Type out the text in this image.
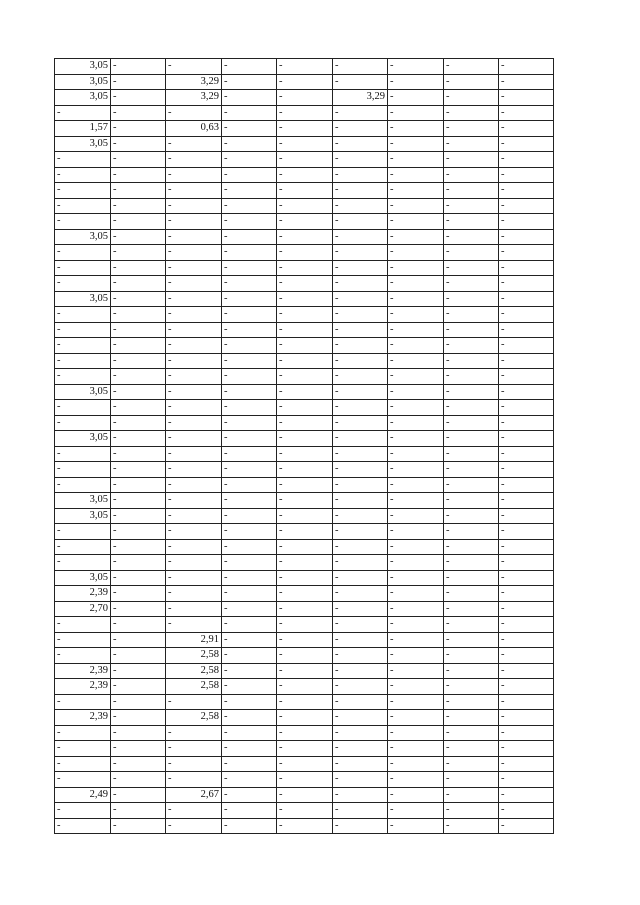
3,05	-	-	-	-	-	-	-	-
3,05	-	3,29	-	-	-	-	-	-
3,05	-	3,29	-	-	3,29	-	-	-
-	-	-	-	-	-	-	-	-
1,57	-	0,63	-	-	-	-	-	-
3,05	-	-	-	-	-	-	-	-
-	-	-	-	-	-	-	-	-
-	-	-	-	-	-	-	-	-
-	-	-	-	-	-	-	-	-
-	-	-	-	-	-	-	-	-
-	-	-	-	-	-	-	-	-
3,05	-	-	-	-	-	-	-	-
-	-	-	-	-	-	-	-	-
-	-	-	-	-	-	-	-	-
-	-	-	-	-	-	-	-	-
3,05	-	-	-	-	-	-	-	-
-	-	-	-	-	-	-	-	-
-	-	-	-	-	-	-	-	-
-	-	-	-	-	-	-	-	-
-	-	-	-	-	-	-	-	-
-	-	-	-	-	-	-	-	-
3,05	-	-	-	-	-	-	-	-
-	-	-	-	-	-	-	-	-
-	-	-	-	-	-	-	-	-
3,05	-	-	-	-	-	-	-	-
-	-	-	-	-	-	-	-	-
-	-	-	-	-	-	-	-	-
-	-	-	-	-	-	-	-	-
3,05	-	-	-	-	-	-	-	-
3,05	-	-	-	-	-	-	-	-
-	-	-	-	-	-	-	-	-
-	-	-	-	-	-	-	-	-
-	-	-	-	-	-	-	-	-
3,05	-	-	-	-	-	-	-	-
2,39	-	-	-	-	-	-	-	-
2,70	-	-	-	-	-	-	-	-
-	-	-	-	-	-	-	-	-
-	-	2,91	-	-	-	-	-	-
-	-	2,58	-	-	-	-	-	-
2,39	-	2,58	-	-	-	-	-	-
2,39	-	2,58	-	-	-	-	-	-
-	-	-	-	-	-	-	-	-
2,39	-	2,58	-	-	-	-	-	-
-	-	-	-	-	-	-	-	-
-	-	-	-	-	-	-	-	-
-	-	-	-	-	-	-	-	-
-	-	-	-	-	-	-	-	-
2,49	-	2,67	-	-	-	-	-	-
-	-	-	-	-	-	-	-	-
-	-	-	-	-	-	-	-	-
